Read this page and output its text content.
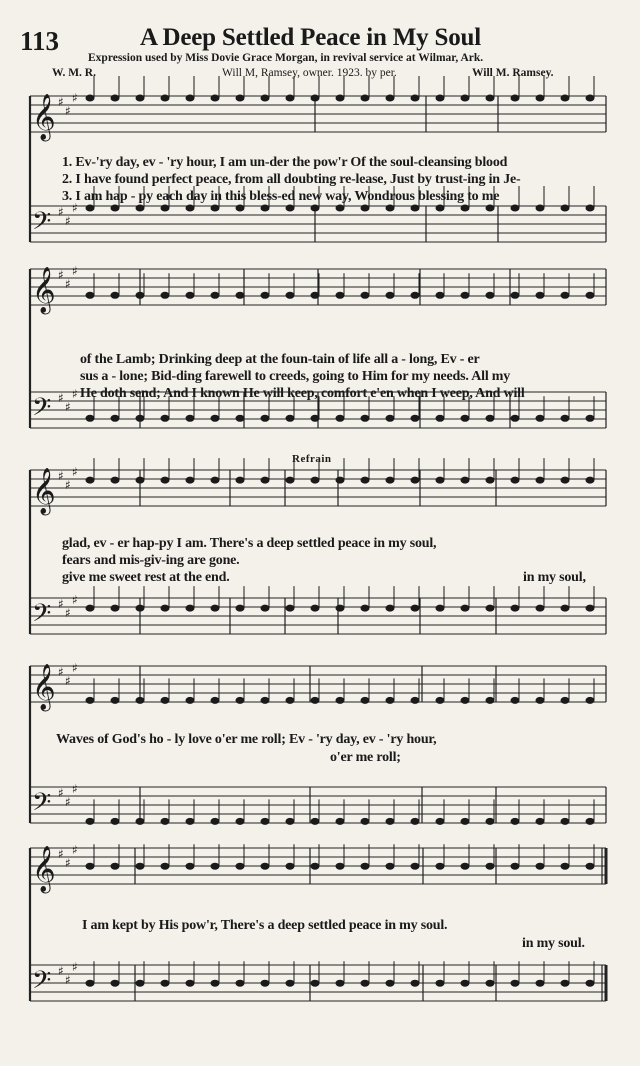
113	A Deep Settled Peace in My Soul
Expression used by Miss Dovie Grace Morgan, in revival service at Wilmar, Ark.
W. M. R.	Will M, Ramsey, owner. 1923. by per.	Will M. Ramsey.
𝄞 ♯
♯
♯
𝄢 ♯
♯
♯
𝄞 ♯
♯
♯
𝄢 ♯
♯
♯
𝄞 ♯
♯
♯
𝄢 ♯
♯
♯
𝄞 ♯
♯
♯
𝄢 ♯
♯
♯
𝄞 ♯
♯
♯
𝄢 ♯
♯
♯
1. Ev-'ry day, ev - 'ry hour, I am un-der the pow'r Of the soul-cleansing blood
2. I have found perfect peace, from all doubting re-lease, Just by trust-ing in Je-
3. I am hap - py each day in this bless-ed new way, Wondrous blessing to me
of the Lamb; Drinking deep at the foun-tain of life all a - long, Ev - er
sus a - lone; Bid-ding farewell to creeds, going to Him for my needs. All my
He doth send; And I known He will keep, comfort e'en when I weep, And will
Refrain
glad, ev - er hap-py I am. There's a deep settled peace in my soul,
fears and mis-giv-ing are gone.
give me sweet rest at the end.	in my soul,
Waves of God's ho - ly love o'er me roll; Ev - 'ry day, ev - 'ry hour,
o'er me roll;
I am kept by His pow'r, There's a deep settled peace in my soul.
in my soul.
